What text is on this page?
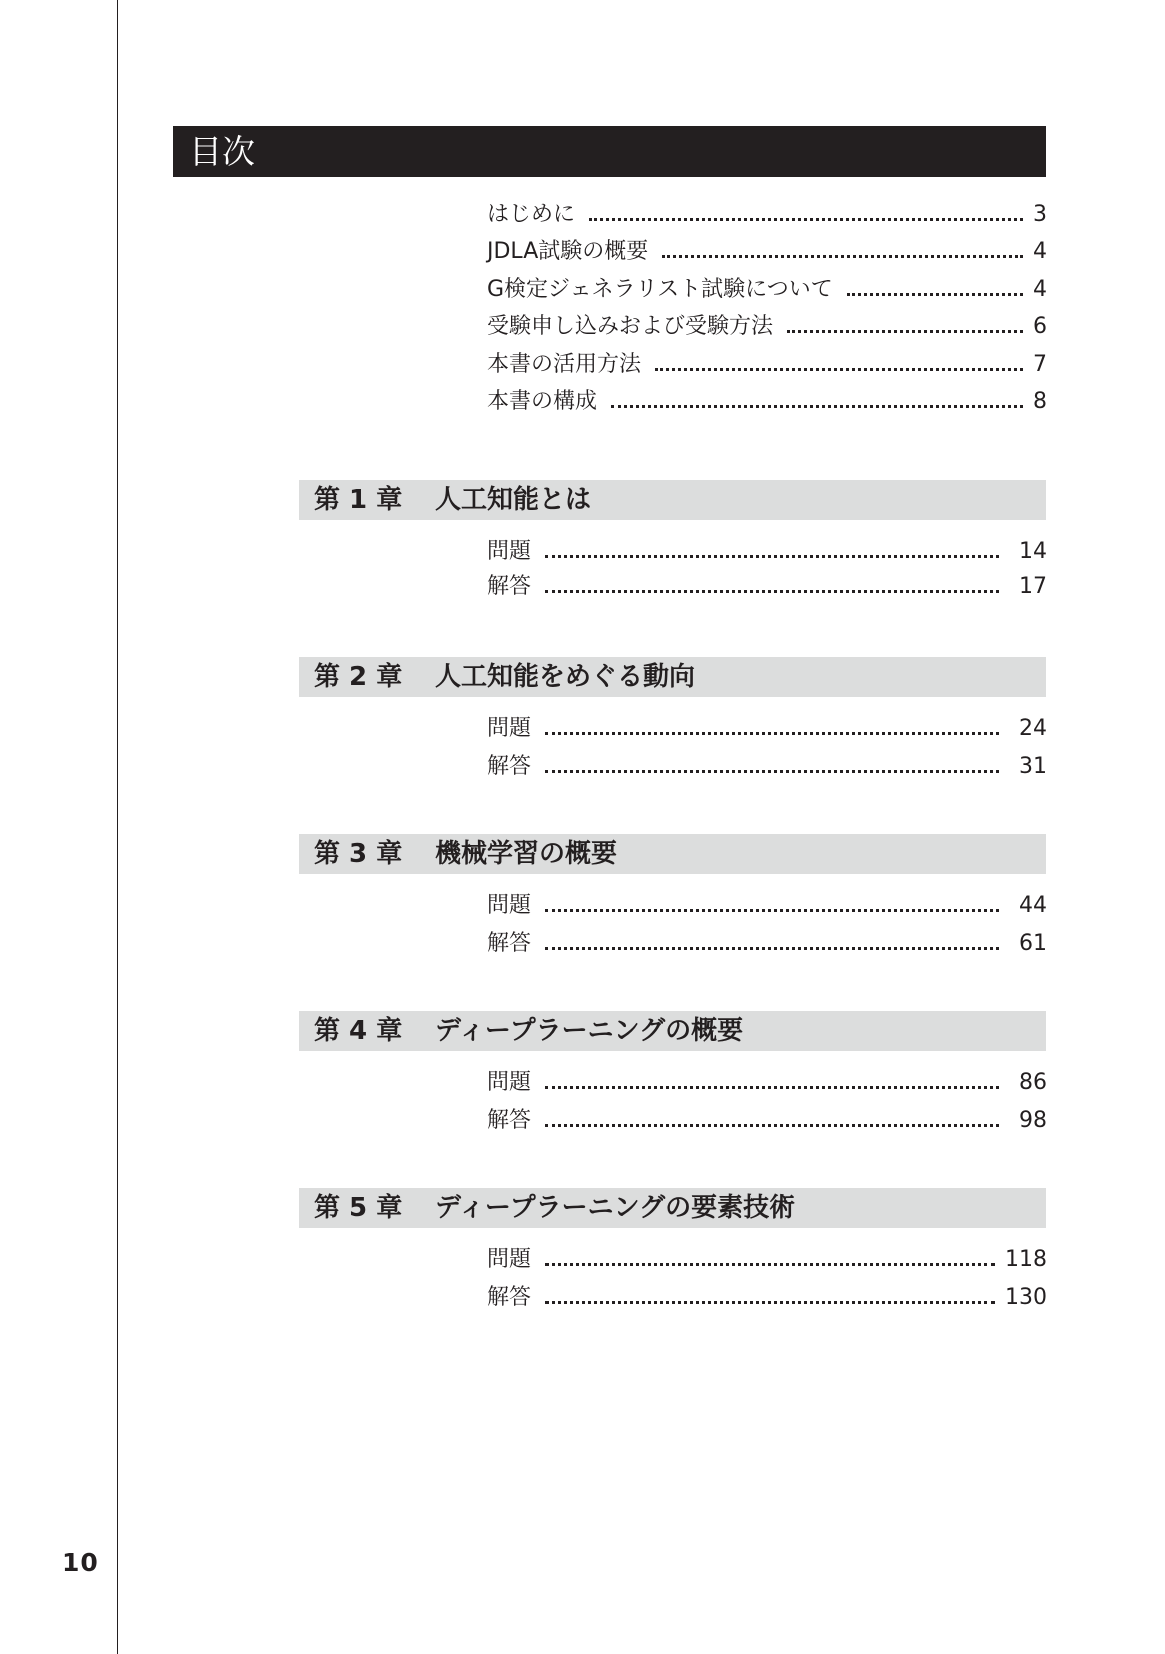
目次
はじめに	3
JDLA試験の概要	4
G検定ジェネラリスト試験について	4
受験申し込みおよび受験方法	6
本書の活用方法	7
本書の構成	8
第 1 章 人工知能とは
問題	14
解答	17
第 2 章 人工知能をめぐる動向
問題	24
解答	31
第 3 章 機械学習の概要
問題	44
解答	61
第 4 章 ディープラーニングの概要
問題	86
解答	98
第 5 章 ディープラーニングの要素技術
問題	118
解答	130
10
